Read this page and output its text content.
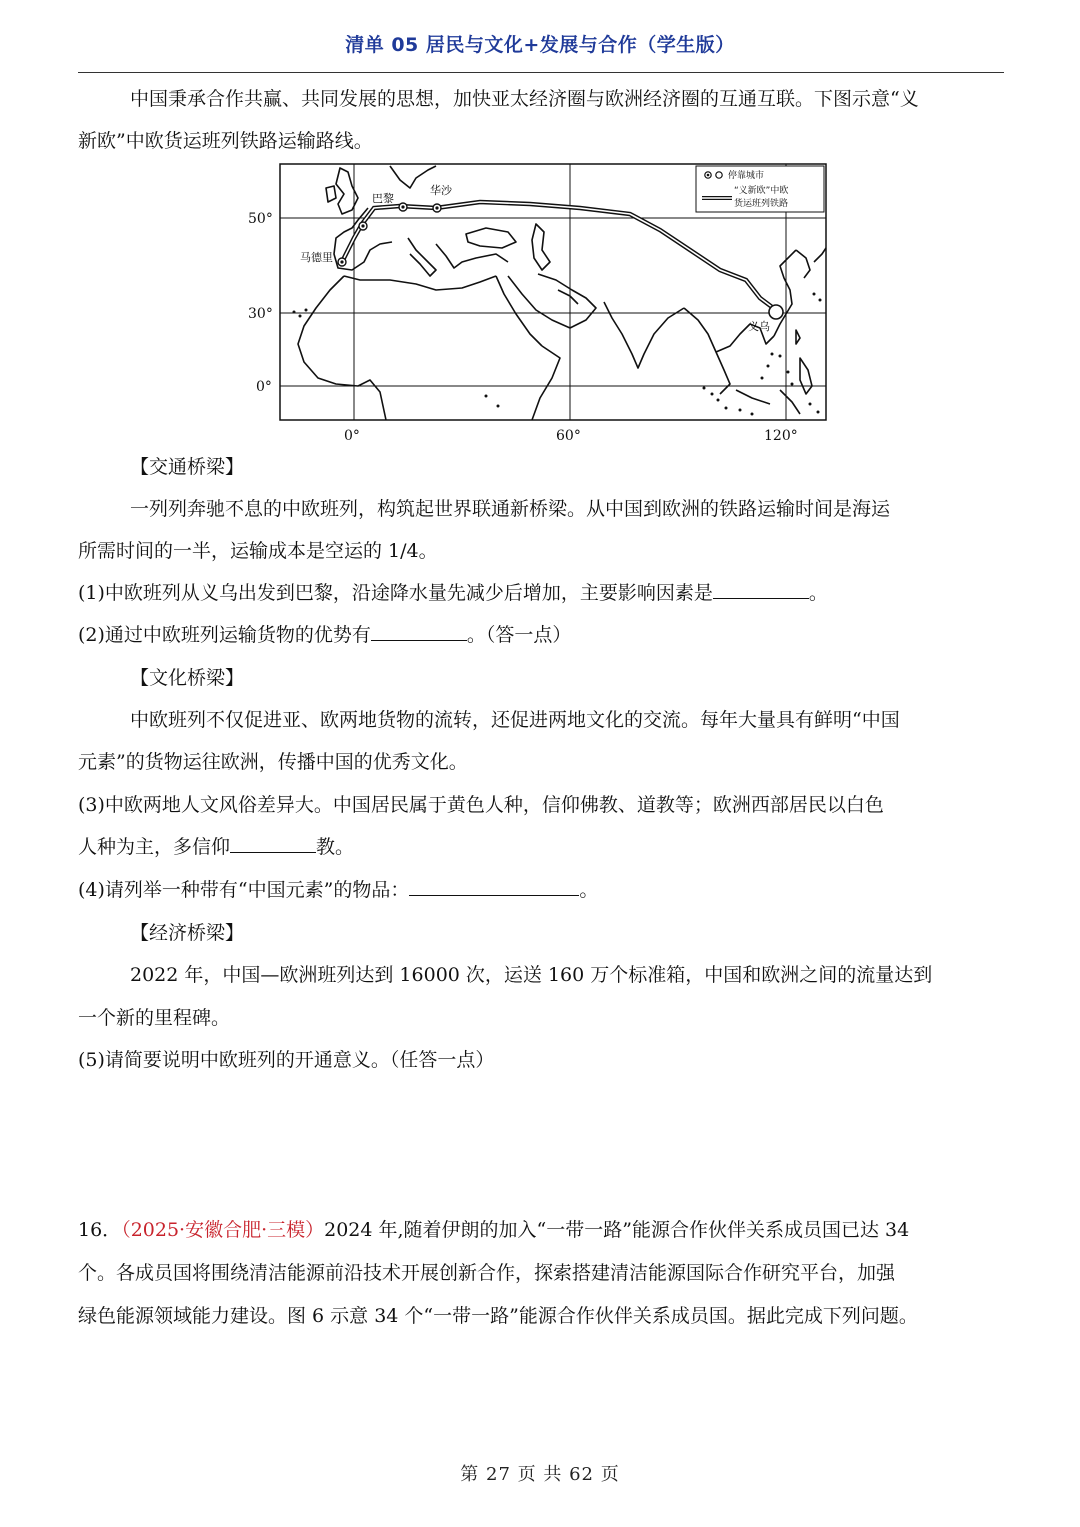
清单 05 居民与文化+发展与合作（学生版）
中国秉承合作共赢、共同发展的思想，加快亚太经济圈与欧洲经济圈的互通互联。下图示意“义
新欧”中欧货运班列铁路运输路线。
巴黎
华沙
马德里
义乌
50°
30°
0°
0°	60°	120°
停靠城市
“义新欧”中欧
货运班列铁路
【交通桥梁】
一列列奔驰不息的中欧班列，构筑起世界联通新桥梁。从中国到欧洲的铁路运输时间是海运
所需时间的一半，运输成本是空运的 1/4。
(1)中欧班列从义乌出发到巴黎，沿途降水量先减少后增加，主要影响因素是	。
(2)通过中欧班列运输货物的优势有	。（答一点）
【文化桥梁】
中欧班列不仅促进亚、欧两地货物的流转，还促进两地文化的交流。每年大量具有鲜明“中国
元素”的货物运往欧洲，传播中国的优秀文化。
(3)中欧两地人文风俗差异大。中国居民属于黄色人种，信仰佛教、道教等；欧洲西部居民以白色
人种为主，多信仰	教。
(4)请列举一种带有“中国元素”的物品：	。
【经济桥梁】
2022 年，中国—欧洲班列达到 16000 次，运送 160 万个标准箱，中国和欧洲之间的流量达到
一个新的里程碑。
(5)请简要说明中欧班列的开通意义。（任答一点）
16．（2025·安徽合肥·三模）2024 年,随着伊朗的加入“一带一路”能源合作伙伴关系成员国已达 34
个。各成员国将围绕清洁能源前沿技术开展创新合作，探索搭建清洁能源国际合作研究平台，加强
绿色能源领域能力建设。图 6 示意 34 个“一带一路”能源合作伙伴关系成员国。据此完成下列问题。
第 27 页 共 62 页
